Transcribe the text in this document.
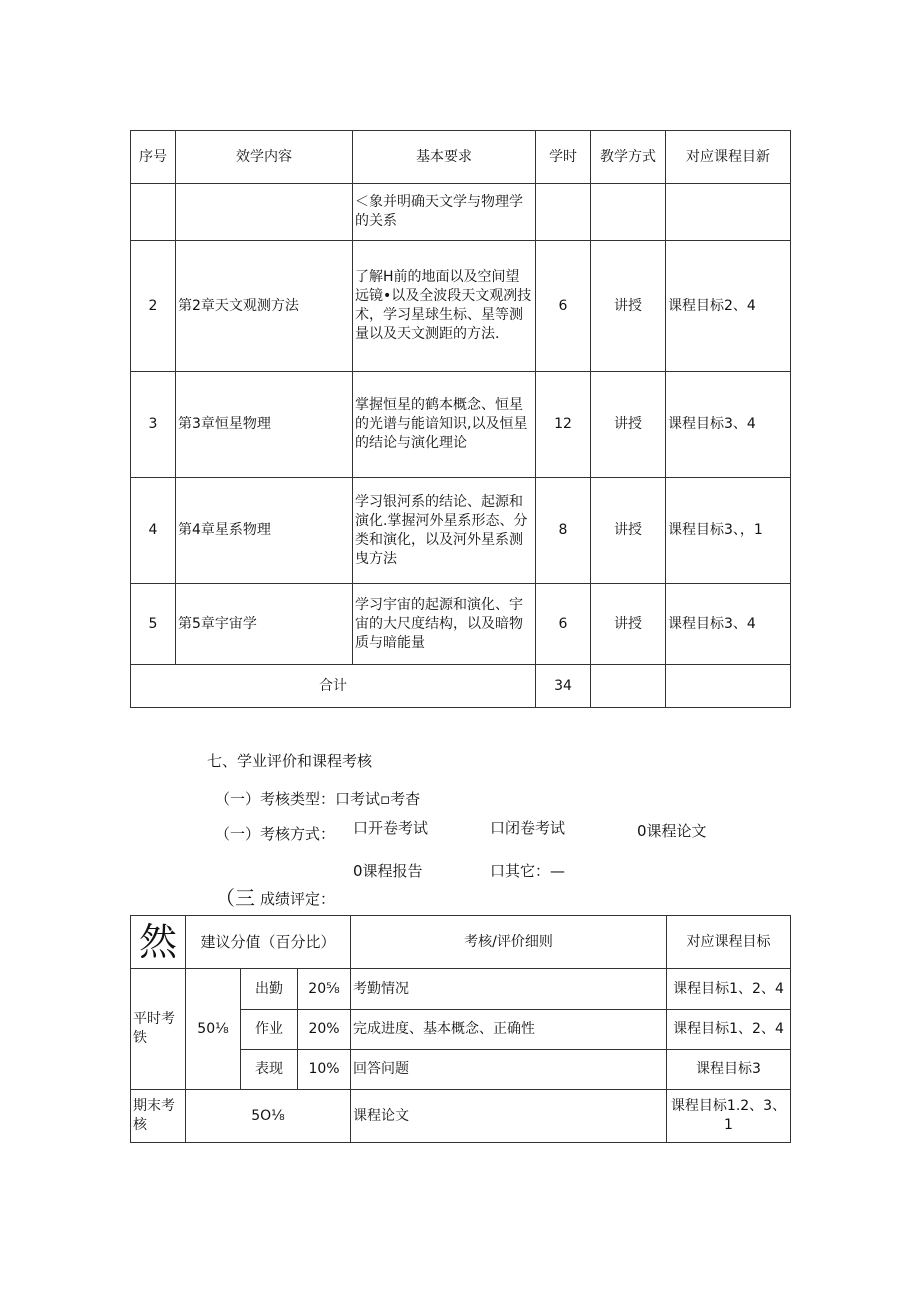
序号	效学内容	基本要求	学时	教学方式	对应课程目新
		＜象并明确天文学与物理学的关系			
2	第2章天文观测方法	了解H前的地面以及空间望远镜•以及全波段天文观冽技术，学习星球生标、星等测量以及天文测距的方法.	6	讲授	课程目标2、4
3	第3章恒星物理	掌握恒星的鹤本概念、恒星的光谱与能谙知识,以及恒星的结论与演化理论	12	讲授	课程目标3、4
4	第4章星系物理	学习银河系的结论、起源和演化.掌握河外星系形态、分类和演化，以及河外星系测曳方法	8	讲授	课程目标3、，1
5	第5章宇宙学	学习宇宙的起源和演化、宇宙的大尺度结构，以及暗物质与暗能量	6	讲授	课程目标3、4
合计			34		
七、学业评价和课程考核
（一）考核类型：口考试▫考杳
（一）考核方式： 口开卷考试	口闭卷考试	0课程论文
0课程报告	口其它：—
（三 成绩评定：
然	建议分值（百分比）			考核/评价细则	对应课程目标
平时考铁	50⅛	出勤	20⅝	考勤情况	课程目标1、2、4
		作业	20%	完成进度、基本概念、正确性	课程目标1、2、4
		表现	10%	回答问题	课程目标3
期末考核	5O⅛			课程论文	课程目标1.2、3、1
